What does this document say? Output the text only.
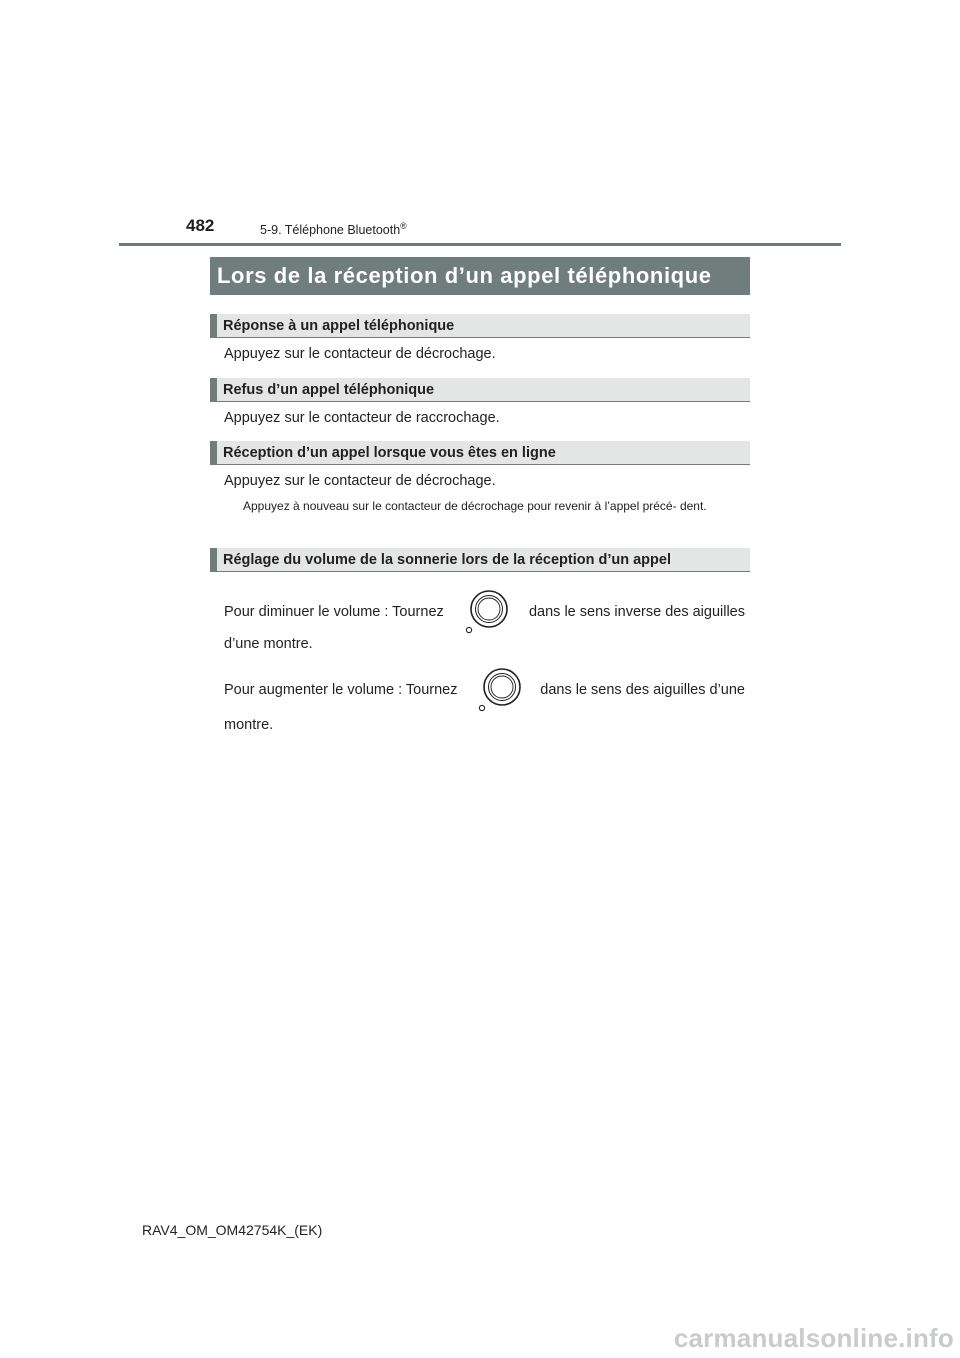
482	5-9. Téléphone Bluetooth®
Lors de la réception d’un appel téléphonique
Réponse à un appel téléphonique
Appuyez sur le contacteur de décrochage.
Refus d’un appel téléphonique
Appuyez sur le contacteur de raccrochage.
Réception d’un appel lorsque vous êtes en ligne
Appuyez sur le contacteur de décrochage.
Appuyez à nouveau sur le contacteur de décrochage pour revenir à l’appel précé- dent.
Réglage du volume de la sonnerie lors de la réception d’un appel
Pour diminuer le volume : Tournez	dans le sens inverse des aiguilles
d’une montre.
Pour augmenter le volume : Tournez	dans le sens des aiguilles d’une
montre.
RAV4_OM_OM42754K_(EK)
carmanualsonline.info
